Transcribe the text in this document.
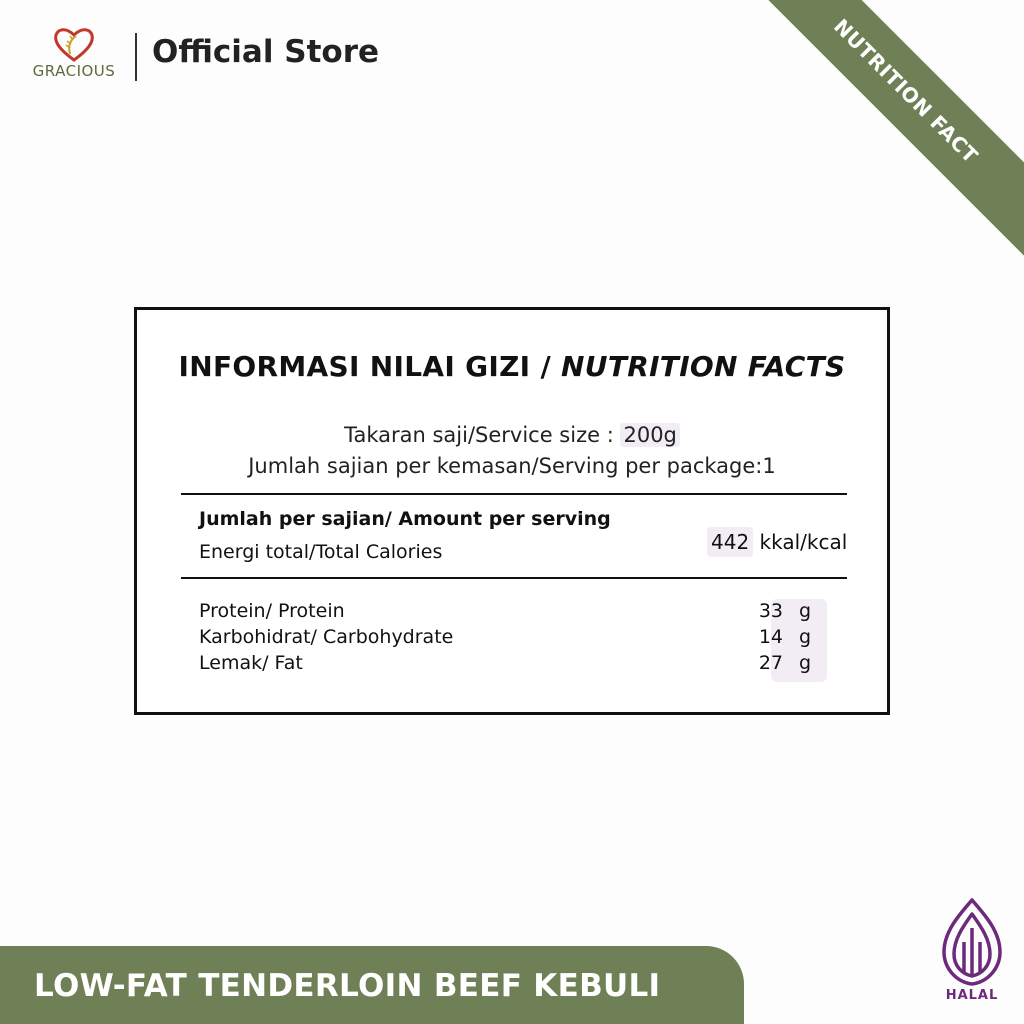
GRACIOUS
Official Store	NUTRITION FACT
INFORMASI NILAI GIZI / NUTRITION FACTS
Takaran saji/Service size : 200g
Jumlah sajian per kemasan/Serving per package:1
Jumlah per sajian/ Amount per serving
Energi total/Total Calories	442 kkal/kcal
Protein/ Protein	33 g
Karbohidrat/ Carbohydrate	14 g
Lemak/ Fat	27 g
LOW-FAT TENDERLOIN BEEF KEBULI	HALAL
